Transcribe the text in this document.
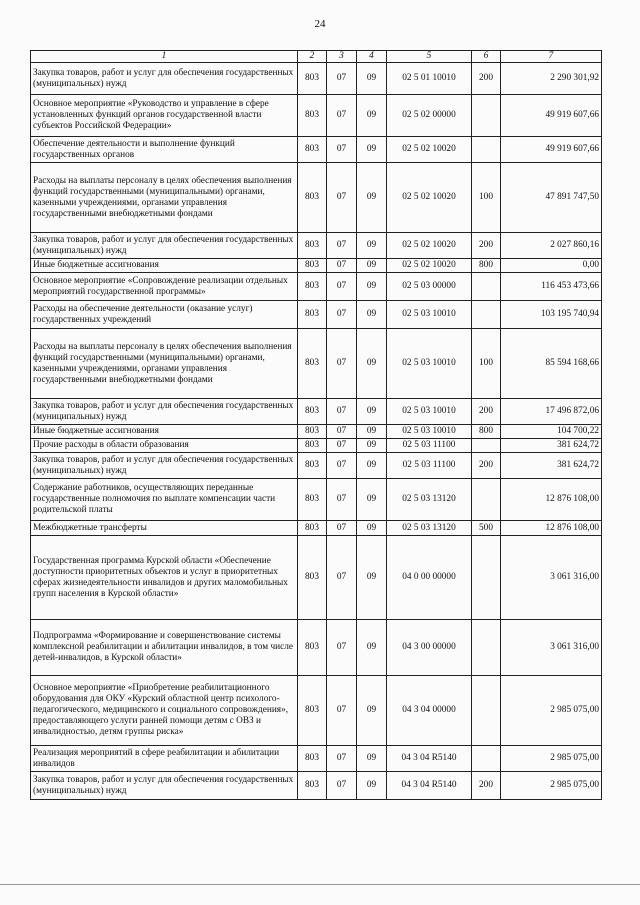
24
1	2	3	4	5	6	7
Закупка товаров, работ и услуг для обеспечения государственных (муниципальных) нужд	803	07	09	02 5 01 10010	200	2 290 301,92
Основное мероприятие «Руководство и управление в сфере установленных функций органов государственной власти субъектов Российской Федерации»	803	07	09	02 5 02 00000		49 919 607,66
Обеспечение деятельности и выполнение функций государственных органов	803	07	09	02 5 02 10020		49 919 607,66
Расходы на выплаты персоналу в целях обеспечения выполнения функций государственными (муниципальными) органами, казенными учреждениями, органами управления государственными внебюджетными фондами	803	07	09	02 5 02 10020	100	47 891 747,50
Закупка товаров, работ и услуг для обеспечения государственных (муниципальных) нужд	803	07	09	02 5 02 10020	200	2 027 860,16
Иные бюджетные ассигнования	803	07	09	02 5 02 10020	800	0,00
Основное мероприятие «Сопровождение реализации отдельных мероприятий государственной программы»	803	07	09	02 5 03 00000		116 453 473,66
Расходы на обеспечение деятельности (оказание услуг) государственных учреждений	803	07	09	02 5 03 10010		103 195 740,94
Расходы на выплаты персоналу в целях обеспечения выполнения функций государственными (муниципальными) органами, казенными учреждениями, органами управления государственными внебюджетными фондами	803	07	09	02 5 03 10010	100	85 594 168,66
Закупка товаров, работ и услуг для обеспечения государственных (муниципальных) нужд	803	07	09	02 5 03 10010	200	17 496 872,06
Иные бюджетные ассигнования	803	07	09	02 5 03 10010	800	104 700,22
Прочие расходы в области образования	803	07	09	02 5 03 11100		381 624,72
Закупка товаров, работ и услуг для обеспечения государственных (муниципальных) нужд	803	07	09	02 5 03 11100	200	381 624,72
Содержание работников, осуществляющих переданные государственные полномочия по выплате компенсации части родительской платы	803	07	09	02 5 03 13120		12 876 108,00
Межбюджетные трансферты	803	07	09	02 5 03 13120	500	12 876 108,00
Государственная программа Курской области «Обеспечение доступности приоритетных объектов и услуг в приоритетных сферах жизнедеятельности инвалидов и других маломобильных групп населения в Курской области»	803	07	09	04 0 00 00000		3 061 316,00
Подпрограмма «Формирование и совершенствование системы комплексной реабилитации и абилитации инвалидов, в том числе детей-инвалидов, в Курской области»	803	07	09	04 3 00 00000		3 061 316,00
Основное мероприятие «Приобретение реабилитационного оборудования для ОКУ «Курский областной центр психолого-педагогического, медицинского и социального сопровождения», предоставляющего услуги ранней помощи детям с ОВЗ и инвалидностью, детям группы риска»	803	07	09	04 3 04 00000		2 985 075,00
Реализация мероприятий в сфере реабилитации и абилитации инвалидов	803	07	09	04 3 04 R5140		2 985 075,00
Закупка товаров, работ и услуг для обеспечения государственных (муниципальных) нужд	803	07	09	04 3 04 R5140	200	2 985 075,00
